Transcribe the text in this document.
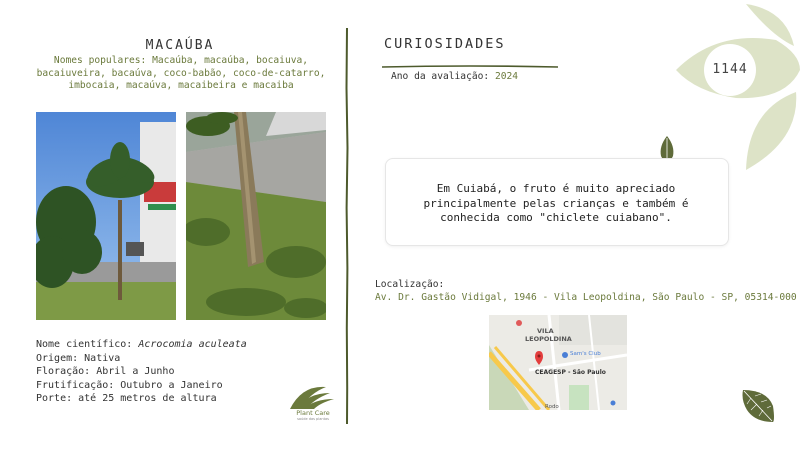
MACAÚBA
Nomes populares: Macaúba, macaúba, bocaiuva, bacaiuveira, bacaúva, coco-babão, coco-de-catarro, imbocaia, macaúva, macaibeira e macaiba
Nome científico: Acrocomia aculeata
Origem: Nativa
Floração: Abril a Junho
Frutificação: Outubro a Janeiro
Porte: até 25 metros de altura
Plant Care
saúde das plantas
CURIOSIDADES
Ano da avaliação: 2024	1144
Em Cuiabá, o fruto é muito apreciado principalmente pelas crianças e também é conhecida como "chiclete cuiabano".
Localização:
Av. Dr. Gastão Vidigal, 1946 - Vila Leopoldina, São Paulo - SP, 05314-000
VILA
LEOPOLDINA
Sam's Club
CEAGESP - São Paulo
Rodo
